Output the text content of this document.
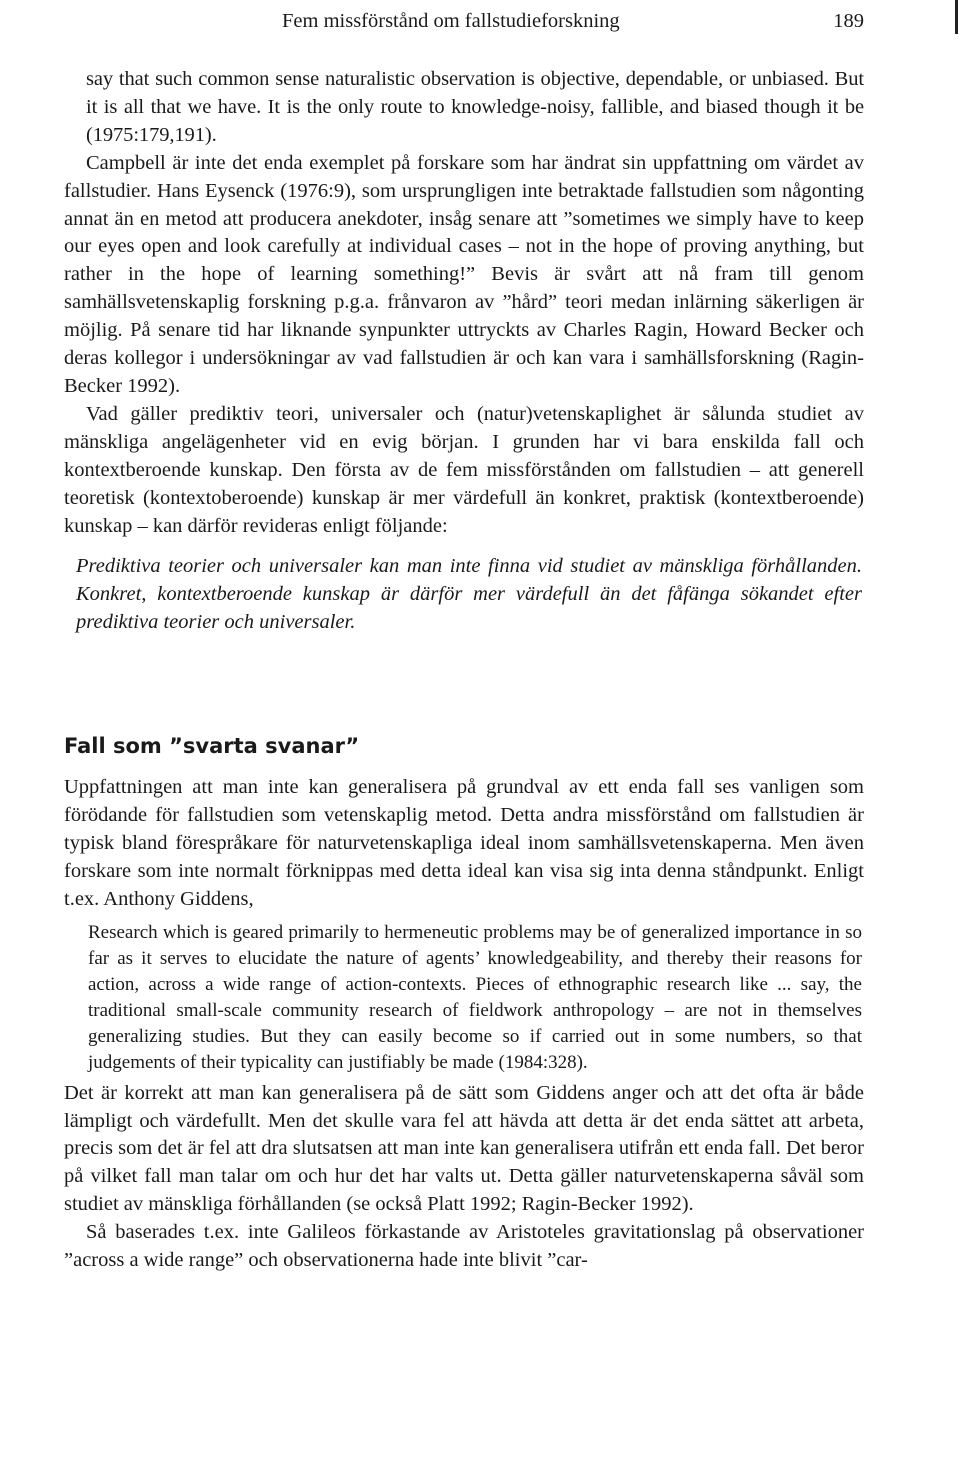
Fem missförstånd om fallstudieforskning	189

say that such common sense naturalistic observation is objective, dependable, or unbiased. But it is all that we have. It is the only route to knowledge-noisy, fallible, and biased though it be (1975:179,191).

Campbell är inte det enda exemplet på forskare som har ändrat sin uppfattning om värdet av fallstudier. Hans Eysenck (1976:9), som ursprungligen inte betraktade fallstudien som någonting annat än en metod att producera anekdoter, insåg senare att ”sometimes we simply have to keep our eyes open and look carefully at individual cases – not in the hope of proving anything, but rather in the hope of learning something!” Bevis är svårt att nå fram till genom samhällsvetenskaplig forskning p.g.a. frånvaron av ”hård” teori medan inlärning säkerligen är möjlig. På senare tid har liknande synpunkter uttryckts av Charles Ragin, Howard Becker och deras kollegor i undersökningar av vad fallstudien är och kan vara i samhällsforskning (Ragin-Becker 1992).

Vad gäller prediktiv teori, universaler och (natur)vetenskaplighet är sålunda studiet av mänskliga angelägenheter vid en evig början. I grunden har vi bara enskilda fall och kontextberoende kunskap. Den första av de fem missförstånden om fallstudien – att generell teoretisk (kontextoberoende) kunskap är mer värdefull än konkret, praktisk (kontextberoende) kunskap – kan därför revideras enligt följande:

Prediktiva teorier och universaler kan man inte finna vid studiet av mänskliga förhållanden. Konkret, kontextberoende kunskap är därför mer värdefull än det fåfänga sökandet efter prediktiva teorier och universaler.

Fall som ”svarta svanar”

Uppfattningen att man inte kan generalisera på grundval av ett enda fall ses vanligen som förödande för fallstudien som vetenskaplig metod. Detta andra missförstånd om fallstudien är typisk bland förespråkare för naturvetenskapliga ideal inom samhällsvetenskaperna. Men även forskare som inte normalt förknippas med detta ideal kan visa sig inta denna ståndpunkt. Enligt t.ex. Anthony Giddens,

Research which is geared primarily to hermeneutic problems may be of generalized importance in so far as it serves to elucidate the nature of agents’ knowledgeability, and thereby their reasons for action, across a wide range of action-contexts. Pieces of ethnographic research like ... say, the traditional small-scale community research of fieldwork anthropology – are not in themselves generalizing studies. But they can easily become so if carried out in some numbers, so that judgements of their typicality can justifiably be made (1984:328).

Det är korrekt att man kan generalisera på de sätt som Giddens anger och att det ofta är både lämpligt och värdefullt. Men det skulle vara fel att hävda att detta är det enda sättet att arbeta, precis som det är fel att dra slutsatsen att man inte kan generalisera utifrån ett enda fall. Det beror på vilket fall man talar om och hur det har valts ut. Detta gäller naturvetenskaperna såväl som studiet av mänskliga förhållanden (se också Platt 1992; Ragin-Becker 1992).

Så baserades t.ex. inte Galileos förkastande av Aristoteles gravitationslag på observationer ”across a wide range” och observationerna hade inte blivit ”car-
